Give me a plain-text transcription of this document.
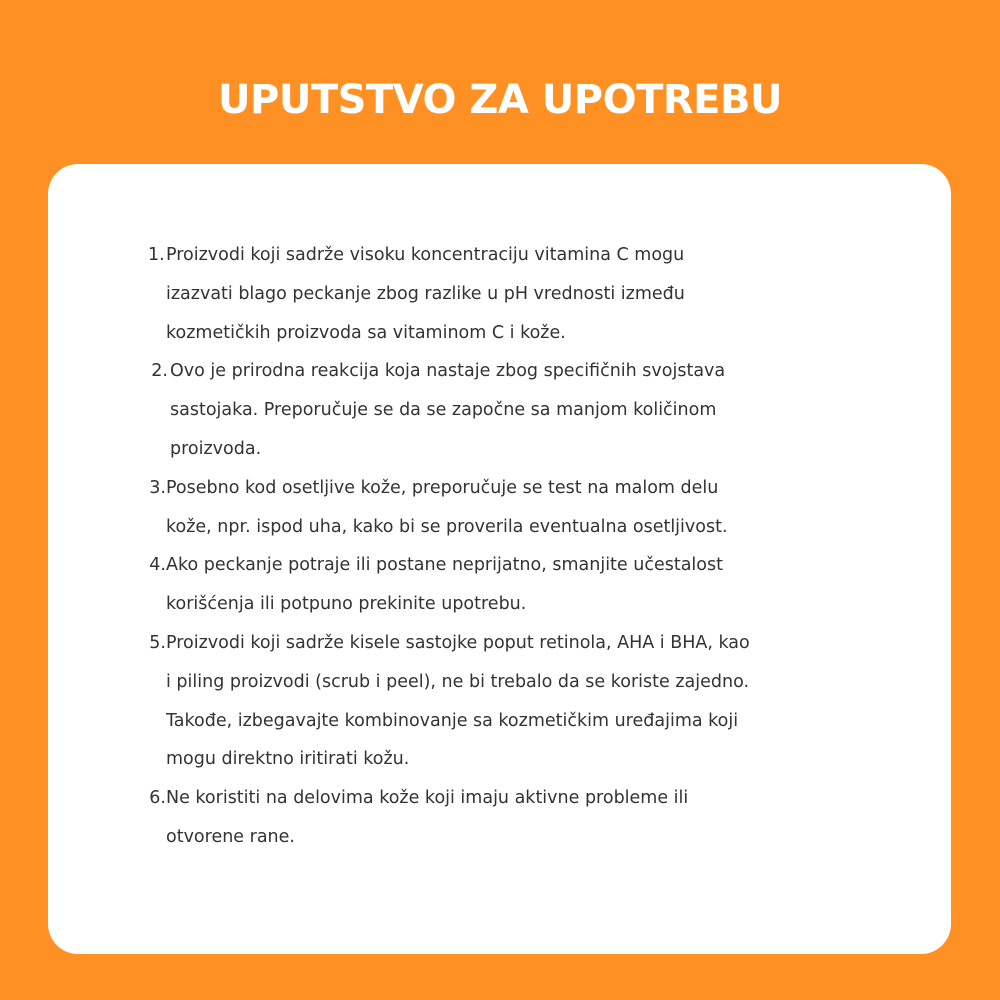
UPUTSTVO ZA UPOTREBU
1. Proizvodi koji sadrže visoku koncentraciju vitamina C mogu
izazvati blago peckanje zbog razlike u pH vrednosti između
kozmetičkih proizvoda sa vitaminom C i kože.
2. Ovo je prirodna reakcija koja nastaje zbog specifičnih svojstava
sastojaka. Preporučuje se da se započne sa manjom količinom
proizvoda.
3. Posebno kod osetljive kože, preporučuje se test na malom delu
kože, npr. ispod uha, kako bi se proverila eventualna osetljivost.
4. Ako peckanje potraje ili postane neprijatno, smanjite učestalost
korišćenja ili potpuno prekinite upotrebu.
5. Proizvodi koji sadrže kisele sastojke poput retinola, AHA i BHA, kao
i piling proizvodi (scrub i peel), ne bi trebalo da se koriste zajedno.
Takođe, izbegavajte kombinovanje sa kozmetičkim uređajima koji
mogu direktno iritirati kožu.
6. Ne koristiti na delovima kože koji imaju aktivne probleme ili
otvorene rane.
